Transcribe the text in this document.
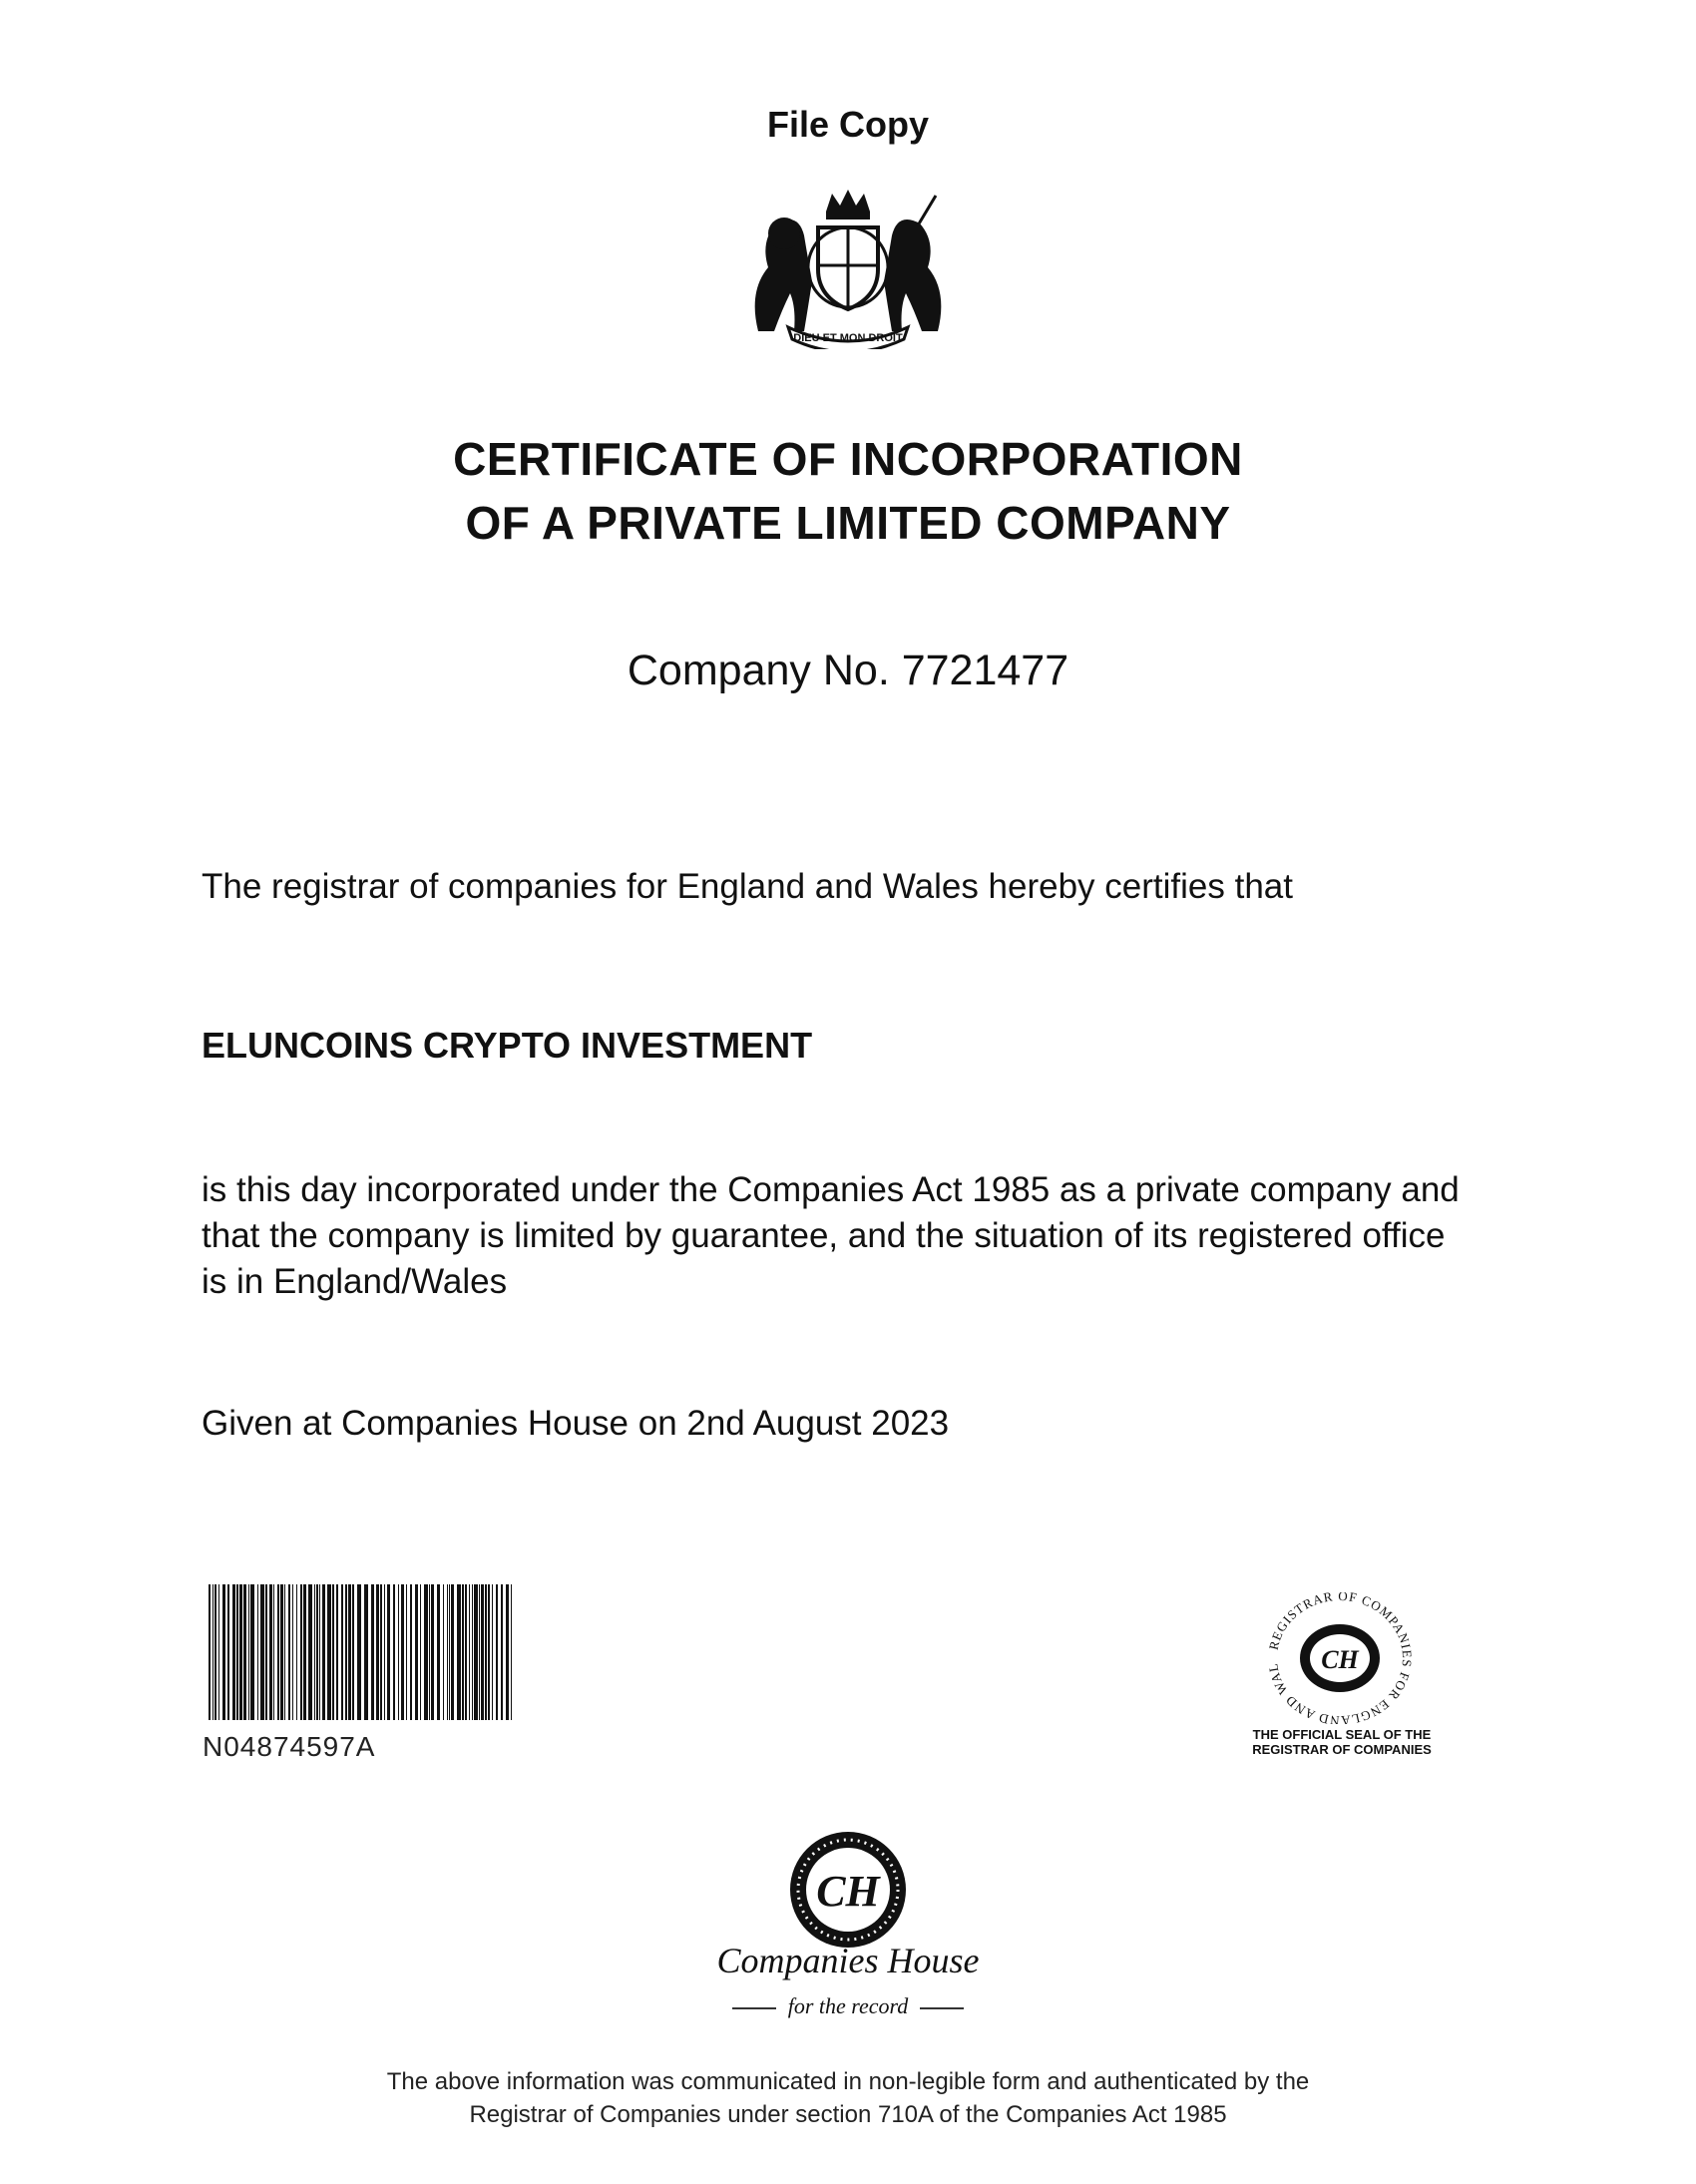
File Copy
DIEU ET MON DROIT
CERTIFICATE OF INCORPORATION
OF A PRIVATE LIMITED COMPANY
Company No. 7721477
The registrar of companies for England and Wales hereby certifies that
ELUNCOINS CRYPTO INVESTMENT
is this day incorporated under the Companies Act 1985 as a private company and
that the company is limited by guarantee, and the situation of its registered office
is in England/Wales
Given at Companies House on 2nd August 2023
N04874597A
REGISTRAR OF COMPANIES FOR ENGLAND AND WAL	CH
THE OFFICIAL SEAL OF THE
REGISTRAR OF COMPANIES
CH
Companies House
for the record
The above information was communicated in non-legible form and authenticated by the
Registrar of Companies under section 710A of the Companies Act 1985
